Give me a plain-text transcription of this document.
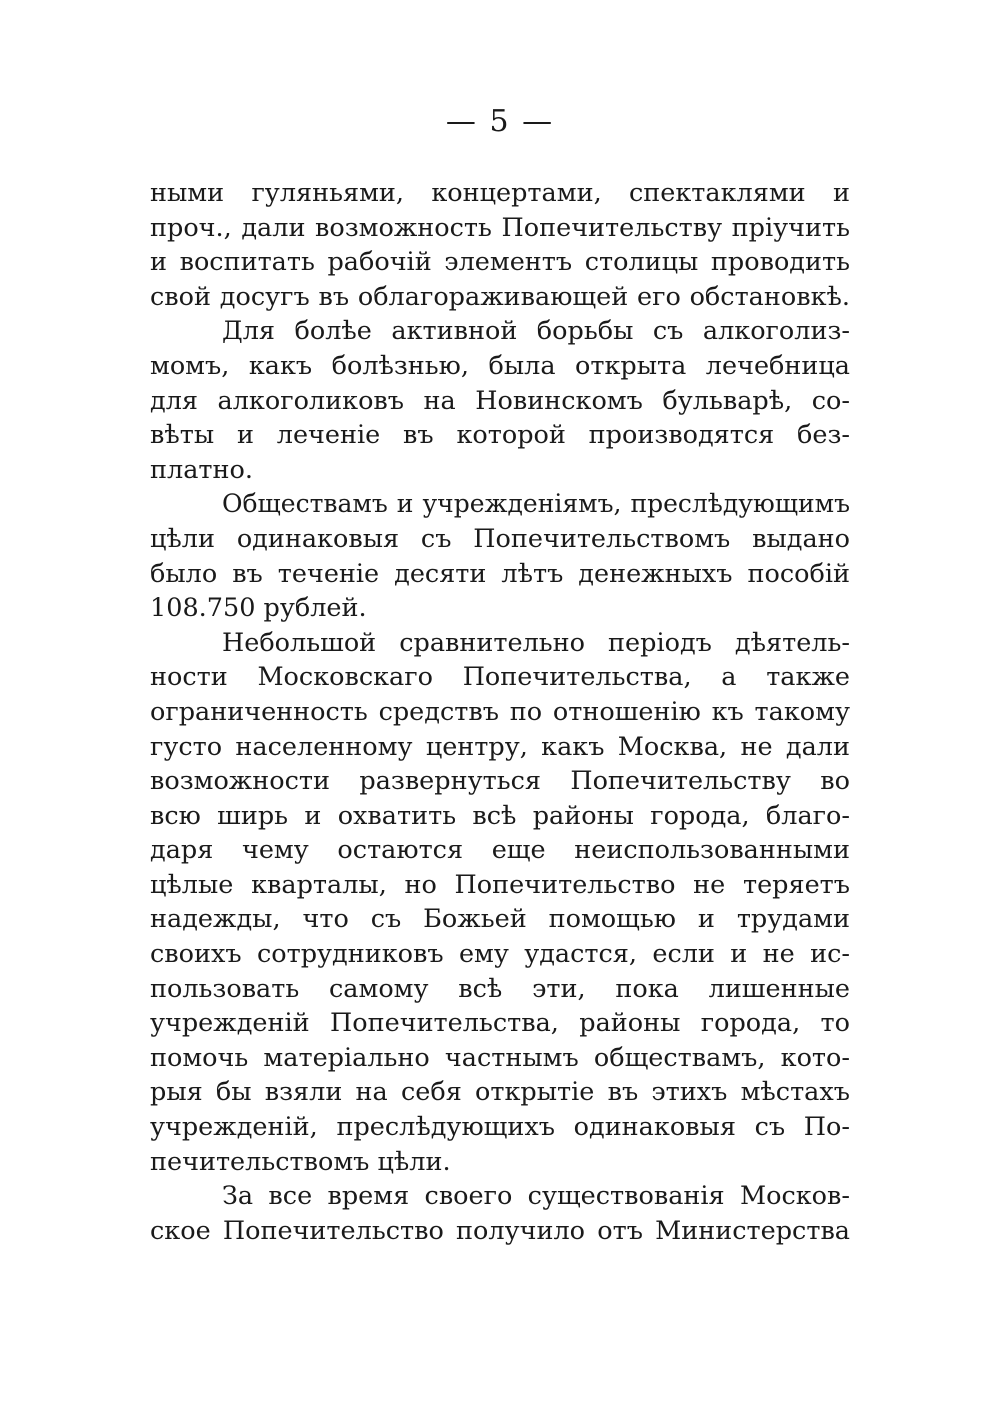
— 5 —
ными гуляньями, концертами, спектаклями и
проч., дали возможность Попечительству пріучить
и воспитать рабочій элементъ столицы проводить
свой досугъ въ облагораживающей его обстановкѣ.
Для болѣе активной борьбы съ алкоголиз-
момъ, какъ болѣзнью, была открыта лечебница
для алкоголиковъ на Новинскомъ бульварѣ, со-
вѣты и леченіе въ которой производятся без-
платно.
Обществамъ и учрежденіямъ, преслѣдующимъ
цѣли одинаковыя съ Попечительствомъ выдано
было въ теченіе десяти лѣтъ денежныхъ пособій
108.750 рублей.
Небольшой сравнительно періодъ дѣятель-
ности Московскаго Попечительства, а также
ограниченность средствъ по отношенію къ такому
густо населенному центру, какъ Москва, не дали
возможности развернуться Попечительству во
всю ширь и охватить всѣ районы города, благо-
даря чему остаются еще неиспользованными
цѣлые кварталы, но Попечительство не теряетъ
надежды, что съ Божьей помощью и трудами
своихъ сотрудниковъ ему удастся, если и не ис-
пользовать самому всѣ эти, пока лишенные
учрежденій Попечительства, районы города, то
помочь матеріально частнымъ обществамъ, кото-
рыя бы взяли на себя открытіе въ этихъ мѣстахъ
учрежденій, преслѣдующихъ одинаковыя съ По-
печительствомъ цѣли.
За все время своего существованія Москов-
ское Попечительство получило отъ Министерства
